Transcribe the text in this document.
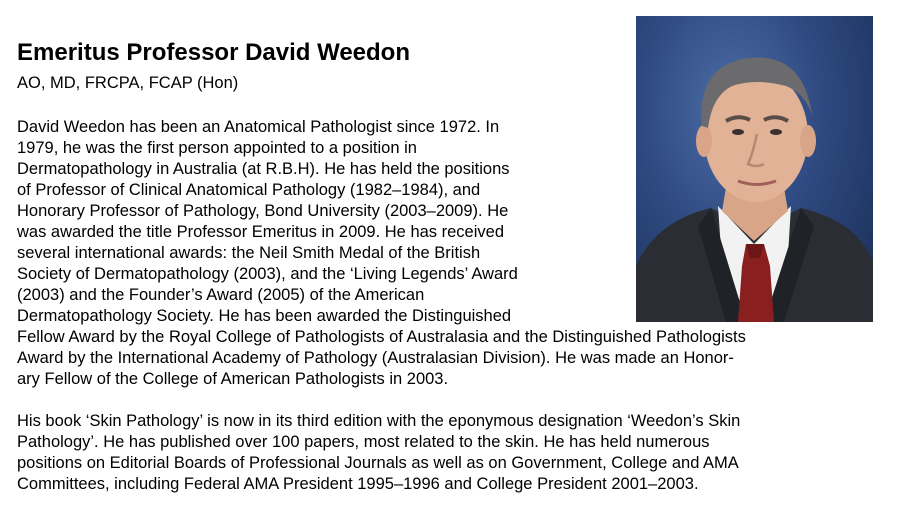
Emeritus Professor David Weedon
AO, MD, FRCPA, FCAP (Hon)
David Weedon has been an Anatomical Pathologist since 1972. In
1979, he was the first person appointed to a position in
Dermatopathology in Australia (at R.B.H). He has held the positions
of Professor of Clinical Anatomical Pathology (1982–1984), and
Honorary Professor of Pathology, Bond University (2003–2009). He
was awarded the title Professor Emeritus in 2009. He has received
several international awards: the Neil Smith Medal of the British
Society of Dermatopathology (2003), and the ‘Living Legends’ Award
(2003) and the Founder’s Award (2005) of the American
Dermatopathology Society. He has been awarded the Distinguished
Fellow Award by the Royal College of Pathologists of Australasia and the Distinguished Pathologists
Award by the International Academy of Pathology (Australasian Division). He was made an Honor-
ary Fellow of the College of American Pathologists in 2003.
His book ‘Skin Pathology’ is now in its third edition with the eponymous designation ‘Weedon’s Skin
Pathology’. He has published over 100 papers, most related to the skin. He has held numerous
positions on Editorial Boards of Professional Journals as well as on Government, College and AMA
Committees, including Federal AMA President 1995–1996 and College President 2001–2003.
